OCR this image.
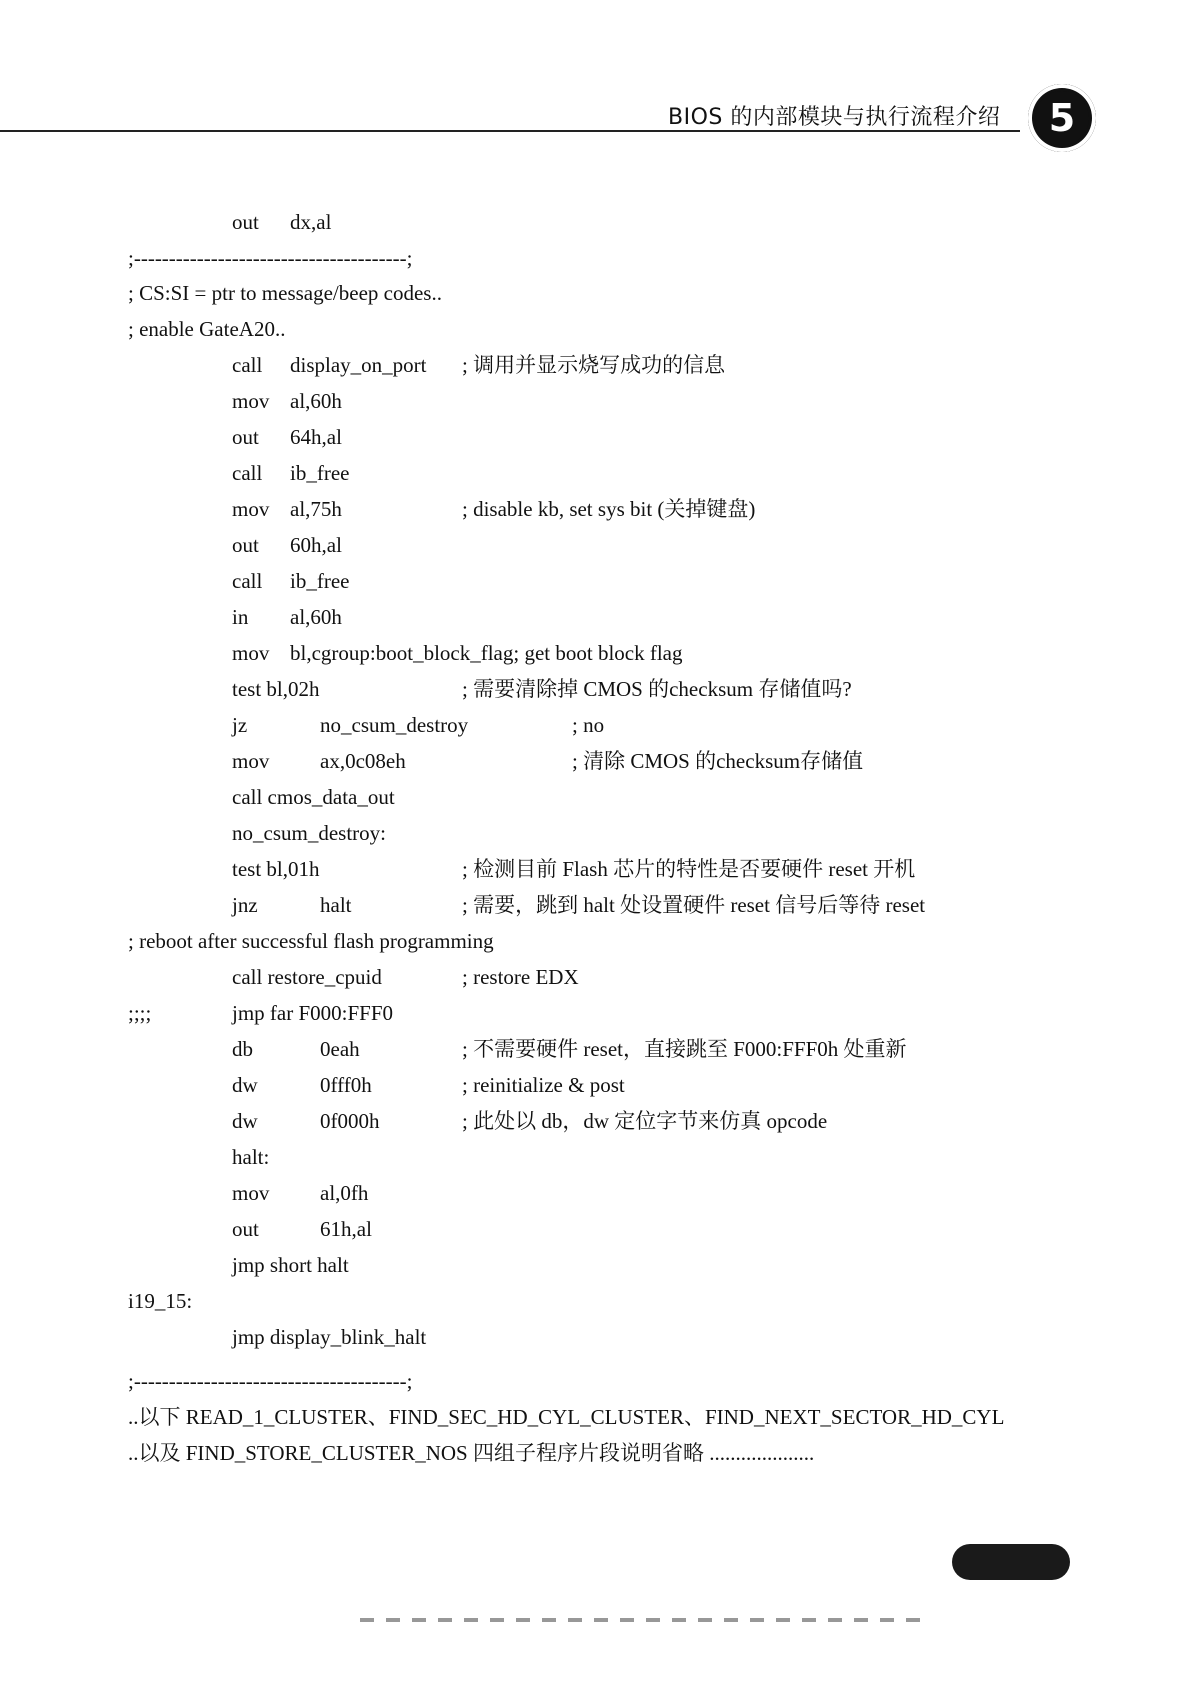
BIOS 的内部模块与执行流程介绍 5
out dx,al
;---------------------------------------;
; CS:SI = ptr to message/beep codes..
; enable GateA20..
call display_on_port ; 调用并显示烧写成功的信息
mov al,60h
out 64h,al
call ib_free
mov al,75h	; disable kb, set sys bit (关掉键盘)
out 60h,al
call ib_free
in al,60h
mov bl,cgroup:boot_block_flag; get boot block flag
test bl,02h	; 需要清除掉 CMOS 的checksum 存储值吗?
jz	no_csum_destroy	; no
mov ax,0c08eh	; 清除 CMOS 的checksum存储值
call cmos_data_out
no_csum_destroy:
test bl,01h	; 检测目前 Flash 芯片的特性是否要硬件 reset 开机
jnz	halt	; 需要，跳到 halt 处设置硬件 reset 信号后等待 reset
; reboot after successful flash programming
call restore_cpuid	; restore EDX
;;;;	jmp far F000:FFF0
db	0eah	; 不需要硬件 reset，直接跳至 F000:FFF0h 处重新
dw	0fff0h	; reinitialize & post
dw	0f000h	; 此处以 db，dw 定位字节来仿真 opcode
halt:
mov al,0fh
out	61h,al
jmp short halt
i19_15:
jmp display_blink_halt
;---------------------------------------;
..以下 READ_1_CLUSTER、FIND_SEC_HD_CYL_CLUSTER、FIND_NEXT_SECTOR_HD_CYL
..以及 FIND_STORE_CLUSTER_NOS 四组子程序片段说明省略 ....................
